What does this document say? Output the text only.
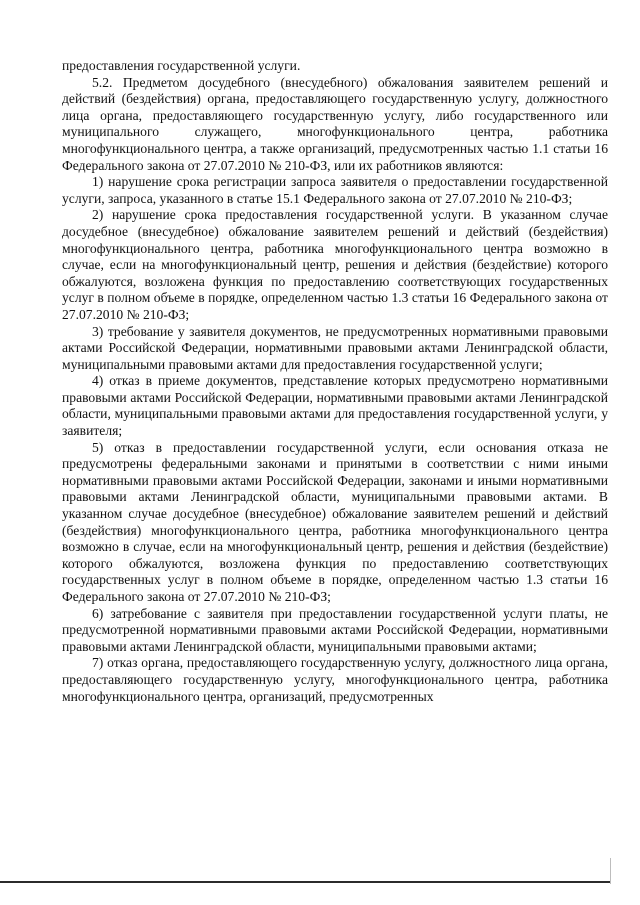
предоставления государственной услуги.

5.2. Предметом досудебного (внесудебного) обжалования заявителем решений и действий (бездействия) органа, предоставляющего государственную услугу, должностного лица органа, предоставляющего государственную услугу, либо государственного или муниципального служащего, многофункционального центра, работника многофункционального центра, а также организаций, предусмотренных частью 1.1 статьи 16 Федерального закона от 27.07.2010 № 210-ФЗ, или их работников являются:

1) нарушение срока регистрации запроса заявителя о предоставлении государственной услуги, запроса, указанного в статье 15.1 Федерального закона от 27.07.2010 № 210-ФЗ;

2) нарушение срока предоставления государственной услуги. В указанном случае досудебное (внесудебное) обжалование заявителем решений и действий (бездействия) многофункционального центра, работника многофункционального центра возможно в случае, если на многофункциональный центр, решения и действия (бездействие) которого обжалуются, возложена функция по предоставлению соответствующих государственных услуг в полном объеме в порядке, определенном частью 1.3 статьи 16 Федерального закона от 27.07.2010 № 210-ФЗ;

3) требование у заявителя документов, не предусмотренных нормативными правовыми актами Российской Федерации, нормативными правовыми актами Ленинградской области, муниципальными правовыми актами для предоставления государственной услуги;

4) отказ в приеме документов, представление которых предусмотрено нормативными правовыми актами Российской Федерации, нормативными правовыми актами Ленинградской области, муниципальными правовыми актами для предоставления государственной услуги, у заявителя;

5) отказ в предоставлении государственной услуги, если основания отказа не предусмотрены федеральными законами и принятыми в соответствии с ними иными нормативными правовыми актами Российской Федерации, законами и иными нормативными правовыми актами Ленинградской области, муниципальными правовыми актами. В указанном случае досудебное (внесудебное) обжалование заявителем решений и действий (бездействия) многофункционального центра, работника многофункционального центра возможно в случае, если на многофункциональный центр, решения и действия (бездействие) которого обжалуются, возложена функция по предоставлению соответствующих государственных услуг в полном объеме в порядке, определенном частью 1.3 статьи 16 Федерального закона от 27.07.2010 № 210-ФЗ;

6) затребование с заявителя при предоставлении государственной услуги платы, не предусмотренной нормативными правовыми актами Российской Федерации, нормативными правовыми актами Ленинградской области, муниципальными правовыми актами;

7) отказ органа, предоставляющего государственную услугу, должностного лица органа, предоставляющего государственную услугу, многофункционального центра, работника многофункционального центра, организаций, предусмотренных
